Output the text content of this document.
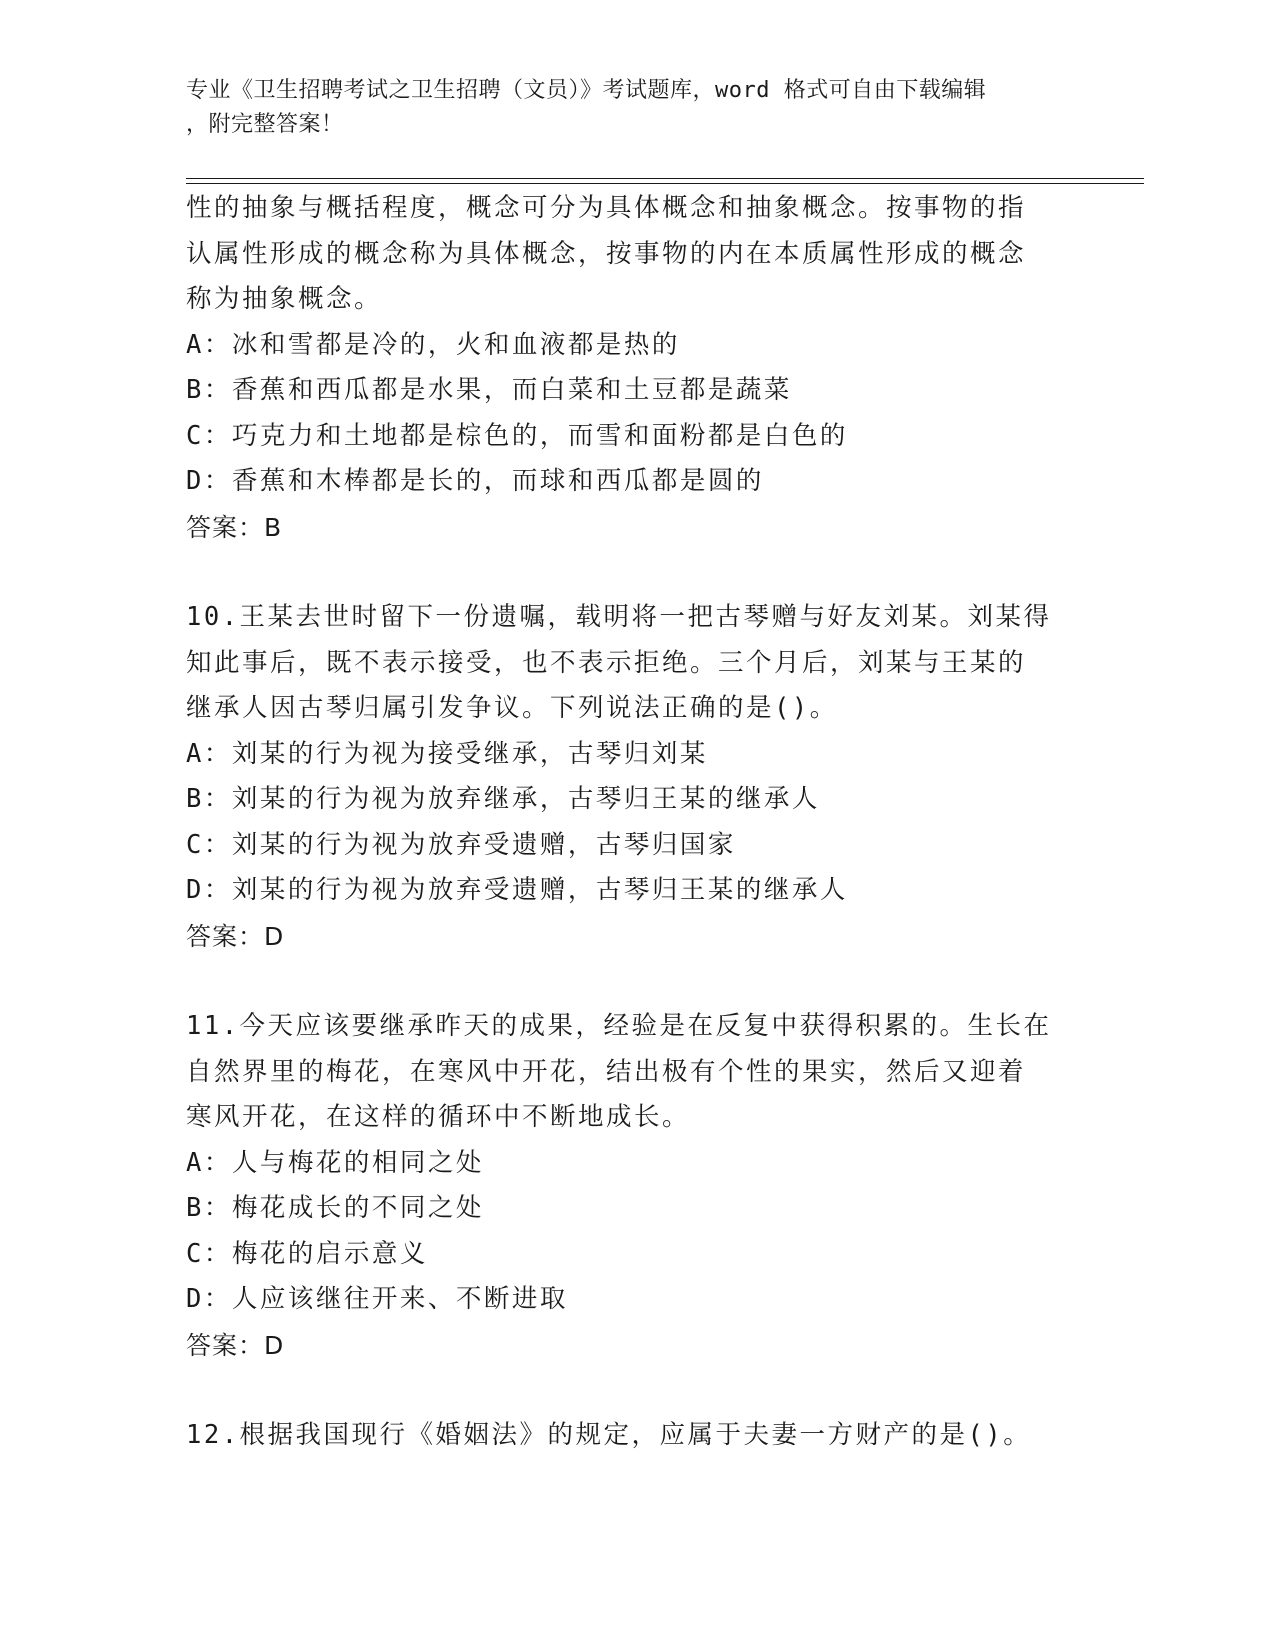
专业《卫生招聘考试之卫生招聘（文员）》考试题库，word 格式可自由下载编辑
，附完整答案！
性的抽象与概括程度，概念可分为具体概念和抽象概念。按事物的指
认属性形成的概念称为具体概念，按事物的内在本质属性形成的概念
称为抽象概念。
A：冰和雪都是冷的，火和血液都是热的
B：香蕉和西瓜都是水果，而白菜和土豆都是蔬菜
C：巧克力和土地都是棕色的，而雪和面粉都是白色的
D：香蕉和木棒都是长的，而球和西瓜都是圆的
答案：B
10.王某去世时留下一份遗嘱，载明将一把古琴赠与好友刘某。刘某得
知此事后，既不表示接受，也不表示拒绝。三个月后，刘某与王某的
继承人因古琴归属引发争议。下列说法正确的是()。
A：刘某的行为视为接受继承，古琴归刘某
B：刘某的行为视为放弃继承，古琴归王某的继承人
C：刘某的行为视为放弃受遗赠，古琴归国家
D：刘某的行为视为放弃受遗赠，古琴归王某的继承人
答案：D
11.今天应该要继承昨天的成果，经验是在反复中获得积累的。生长在
自然界里的梅花，在寒风中开花，结出极有个性的果实，然后又迎着
寒风开花，在这样的循环中不断地成长。
A：人与梅花的相同之处
B：梅花成长的不同之处
C：梅花的启示意义
D：人应该继往开来、不断进取
答案：D
12.根据我国现行《婚姻法》的规定，应属于夫妻一方财产的是()。
